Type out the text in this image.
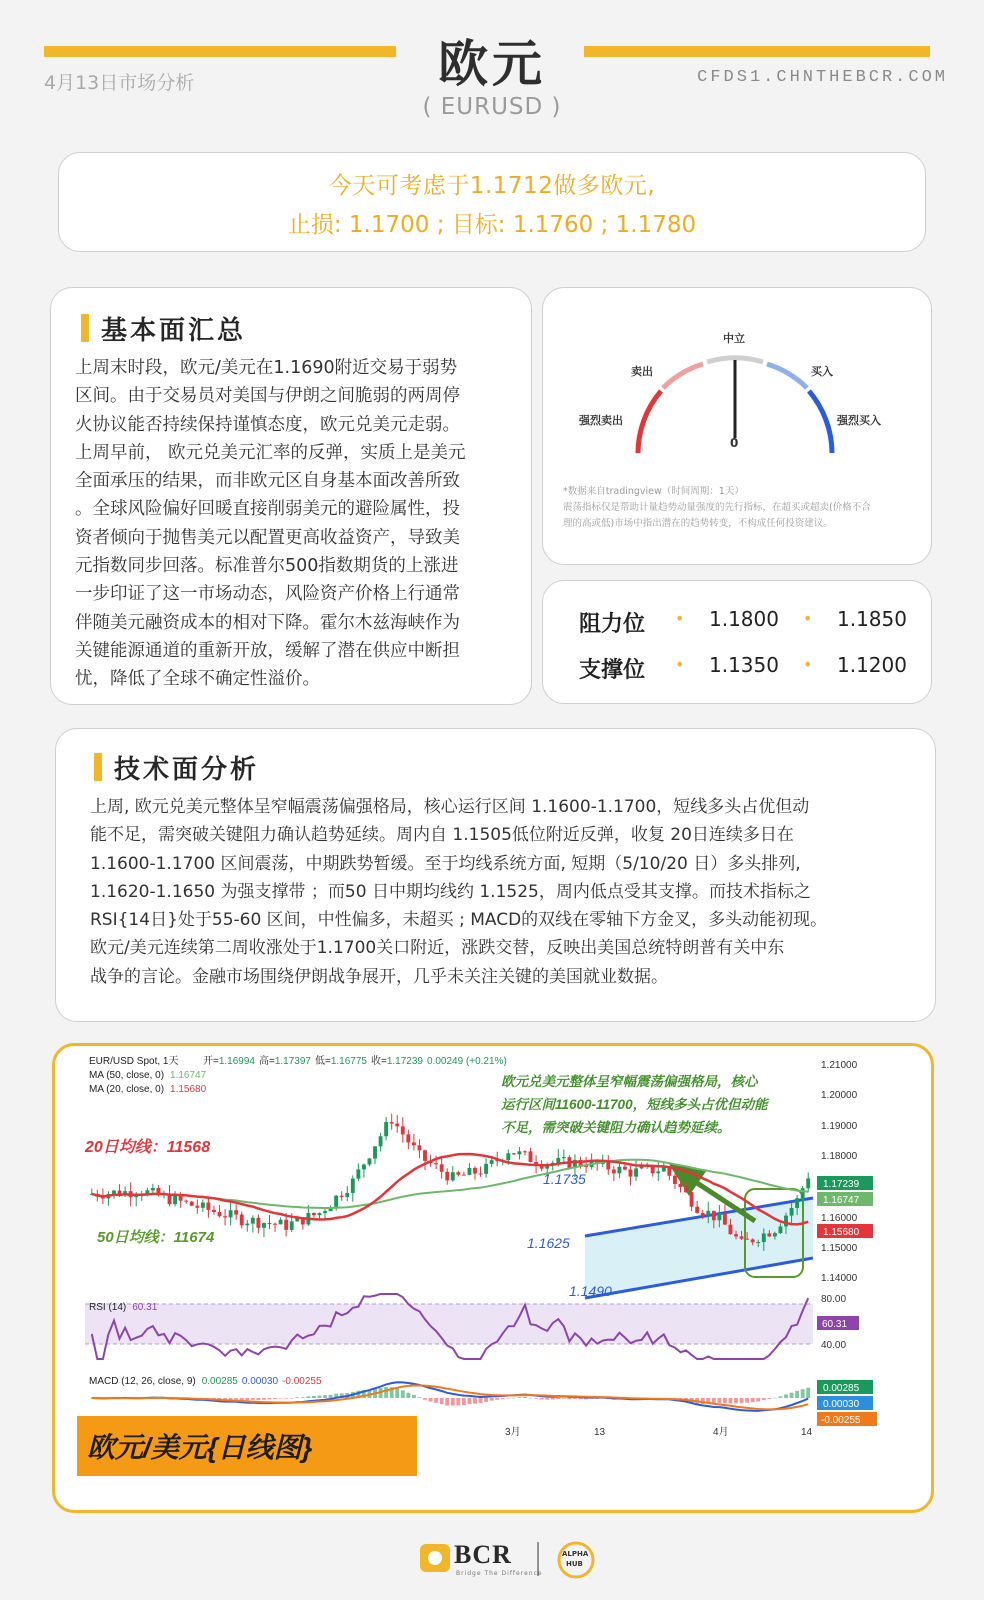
欧元
( EURUSD )
4月13日市场分析	CFDS1.CHNTHEBCR.COM
今天可考虑于1.1712做多欧元,
止损: 1.1700 ; 目标: 1.1760 ; 1.1780
基本面汇总
上周末时段，欧元/美元在1.1690附近交易于弱势
区间。由于交易员对美国与伊朗之间脆弱的两周停
火协议能否持续保持谨慎态度，欧元兑美元走弱。
上周早前， 欧元兑美元汇率的反弹，实质上是美元
全面承压的结果，而非欧元区自身基本面改善所致
。全球风险偏好回暖直接削弱美元的避险属性，投
资者倾向于抛售美元以配置更高收益资产，导致美
元指数同步回落。标准普尔500指数期货的上涨进
一步印证了这一市场动态，风险资产价格上行通常
伴随美元融资成本的相对下降。霍尔木兹海峡作为
关键能源通道的重新开放，缓解了潜在供应中断担
忧，降低了全球不确定性溢价。
中立
卖出	买入
强烈卖出	强烈买入
0
*数据来自tradingview（时间周期：1天）
震荡指标仅是帮助计量趋势动量强度的先行指标，在超买或超卖(价格不合
理的高或低)市场中指出潜在的趋势转变，不构成任何投资建议。
阻力位 • 1.1800 • 1.1850
支撑位 • 1.1350 • 1.1200
技术面分析
上周, 欧元兑美元整体呈窄幅震荡偏强格局，核心运行区间 1.1600-1.1700，短线多头占优但动
能不足，需突破关键阻力确认趋势延续。周内自 1.1505低位附近反弹，收复 20日连续多日在
1.1600-1.1700 区间震荡，中期跌势暂缓。至于均线系统方面, 短期（5/10/20 日）多头排列,
1.1620-1.1650 为强支撑带 ；而50 日中期均线约 1.1525，周内低点受其支撑。而技术指标之
RSI{14日}处于55-60 区间，中性偏多，未超买 ; MACD的双线在零轴下方金叉，多头动能初现。
欧元/美元连续第二周收涨处于1.1700关口附近，涨跌交替，反映出美国总统特朗普有关中东
战争的言论。金融市场围绕伊朗战争展开，几乎未关注关键的美国就业数据。
EUR/USD Spot, 1天 开=1.16994 高=1.17397 低=1.16775 收=1.17239 0.00249 (+0.21%)
MA (50, close, 0) 1.16747
MA (20, close, 0) 1.15680
1.21000
1.20000
1.19000
1.18000
1.16000
1.15000
1.14000
1.17239
1.16747
1.15680
20日均线：11568
50日均线：11674
1.1735
1.1625
1.1490
欧元兑美元整体呈窄幅震荡偏强格局，核心
运行区间11600-11700，短线多头占优但动能
不足，需突破关键阻力确认趋势延续。
RSI (14) 60.31
80.00
60.31
40.00
MACD (12, 26, close, 9) 0.00285 0.00030 -0.00255
0.00285
0.00030
-0.00255
3月	13	4月	14
欧元/美元{日线图}
BCR
Bridge The Difference
ALPHA
HUB
